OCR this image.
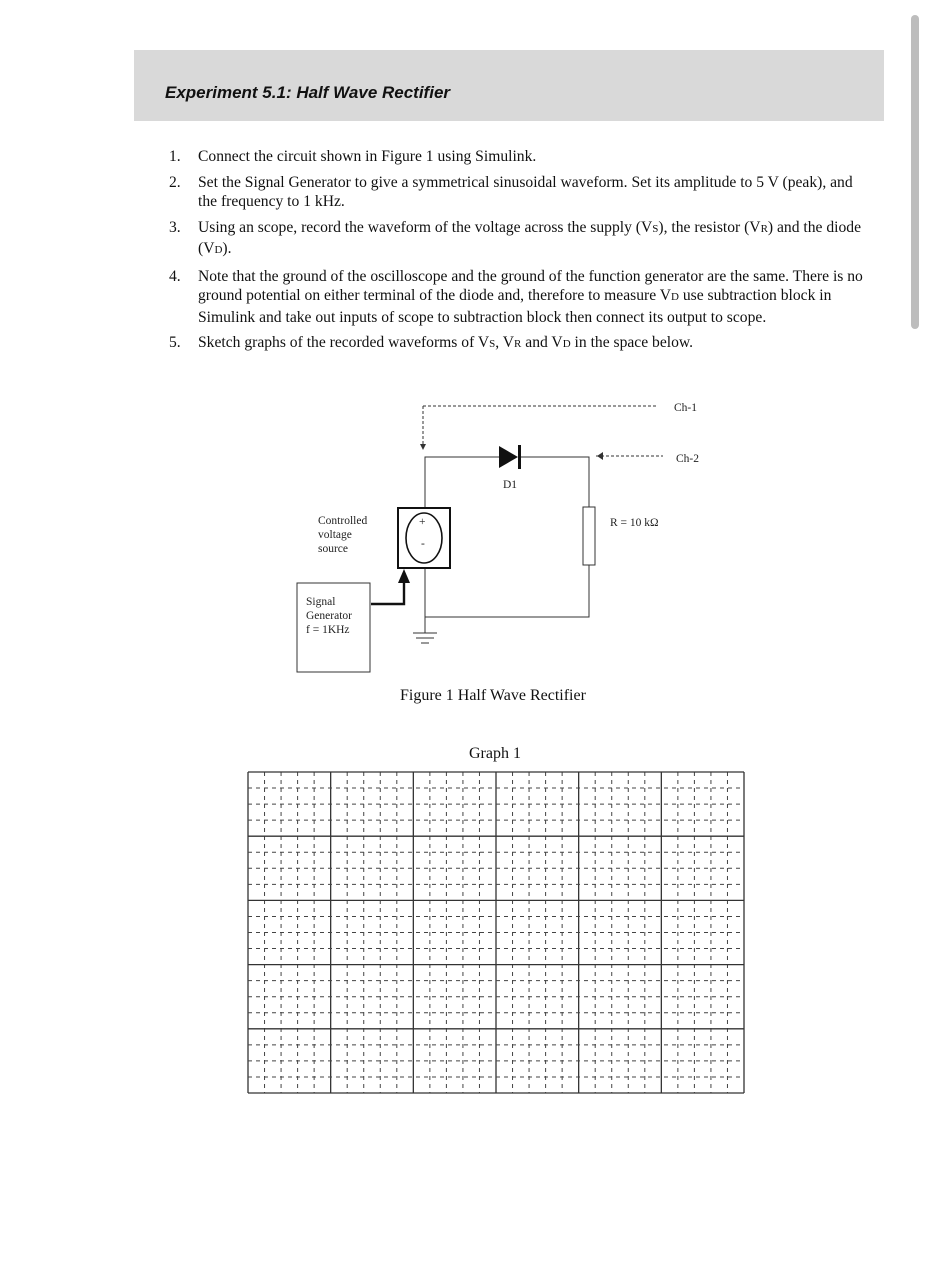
Experiment 5.1: Half Wave Rectifier
1. Connect the circuit shown in Figure 1 using Simulink.
2. Set the Signal Generator to give a symmetrical sinusoidal waveform. Set its amplitude to 5 V (peak), and the frequency to 1 kHz.
3. Using an scope, record the waveform of the voltage across the supply (VS), the resistor (VR) and the diode (VD).
4. Note that the ground of the oscilloscope and the ground of the function generator are the same. There is no ground potential on either terminal of the diode and, therefore to measure VD use subtraction block in Simulink and take out inputs of scope to subtraction block then connect its output to scope.
5. Sketch graphs of the recorded waveforms of VS, VR and VD in the space below.
Ch-1
Ch-2
D1
R = 10 kΩ
+
-
Controlled
voltage
source
Signal
Generator
f = 1KHz
Figure 1 Half Wave Rectifier
Graph 1
